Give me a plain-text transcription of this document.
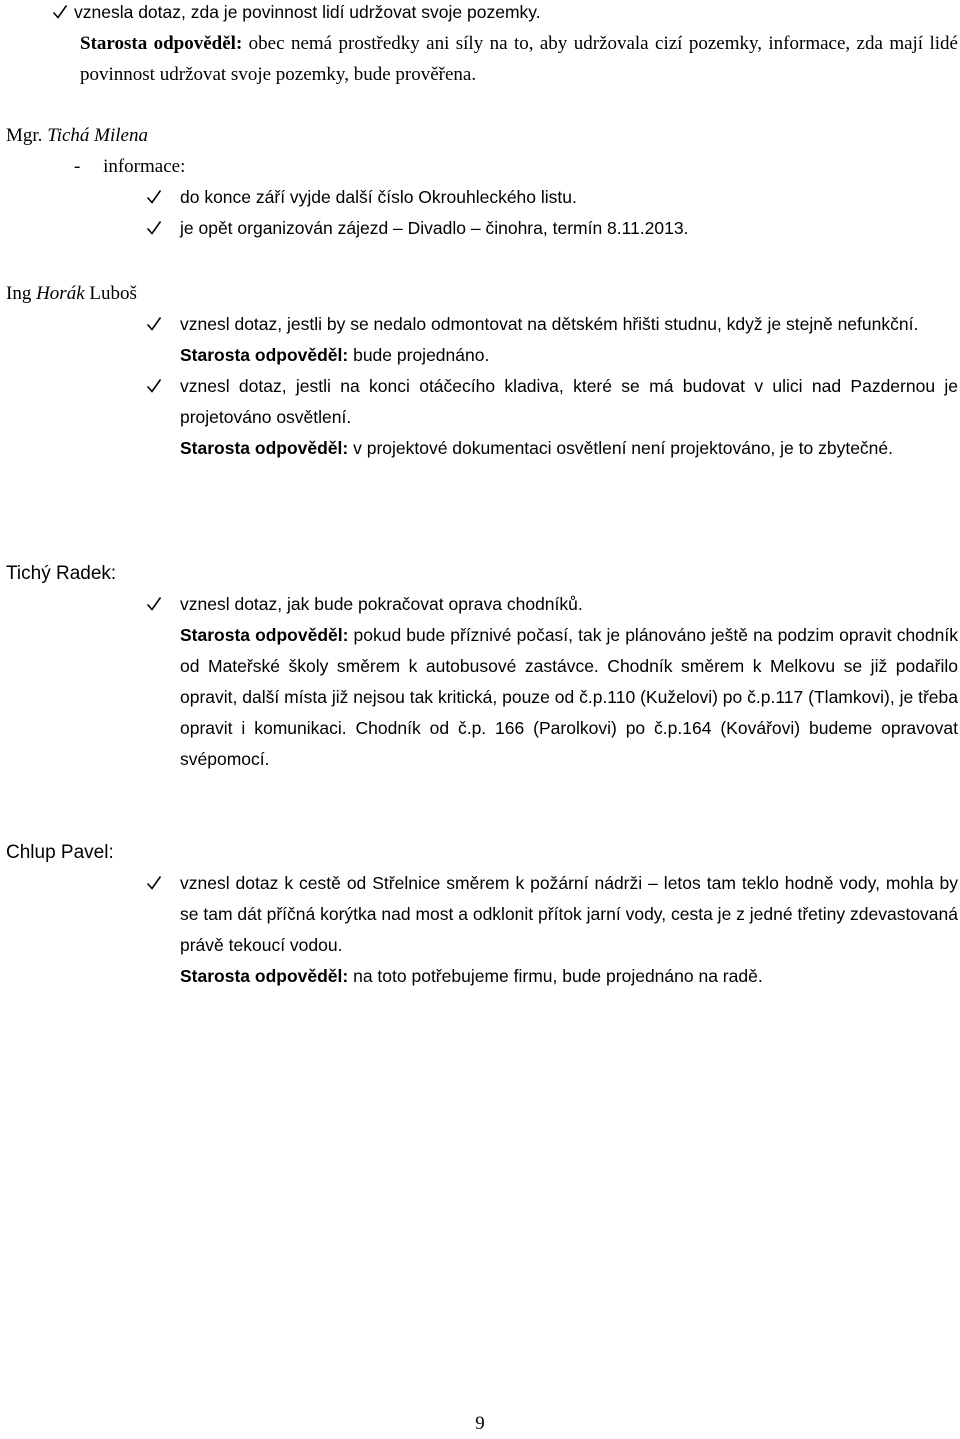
vznesla dotaz, zda je povinnost lidí udržovat svoje pozemky.
Starosta odpověděl: obec nemá prostředky ani síly na to, aby udržovala cizí pozemky, informace, zda mají lidé povinnost udržovat svoje pozemky, bude prověřena.
Mgr. Tichá Milena
- informace:
do konce září vyjde další číslo Okrouhleckého listu.
je opět organizován zájezd – Divadlo – činohra, termín 8.11.2013.
Ing Horák Luboš
vznesl dotaz, jestli by se nedalo odmontovat na dětském hřišti studnu, když je stejně nefunkční.
Starosta odpověděl: bude projednáno.
vznesl dotaz, jestli na konci otáčecího kladiva, které se má budovat v ulici nad Pazdernou je projetováno osvětlení.
Starosta odpověděl: v projektové dokumentaci osvětlení není projektováno, je to zbytečné.
Tichý Radek:
vznesl dotaz, jak bude pokračovat oprava chodníků.
Starosta odpověděl: pokud bude příznivé počasí, tak je plánováno ještě na podzim opravit chodník od Mateřské školy směrem k autobusové zastávce. Chodník směrem k Melkovu se již podařilo opravit, další místa již nejsou tak kritická, pouze od č.p.110 (Kuželovi) po č.p.117 (Tlamkovi), je třeba opravit i komunikaci. Chodník od č.p. 166 (Parolkovi) po č.p.164 (Kovářovi) budeme opravovat svépomocí.
Chlup Pavel:
vznesl dotaz k cestě od Střelnice směrem k požární nádrži – letos tam teklo hodně vody, mohla by se tam dát příčná korýtka nad most a odklonit přítok jarní vody, cesta je z jedné třetiny zdevastovaná právě tekoucí vodou.
Starosta odpověděl: na toto potřebujeme firmu, bude projednáno na radě.
9
